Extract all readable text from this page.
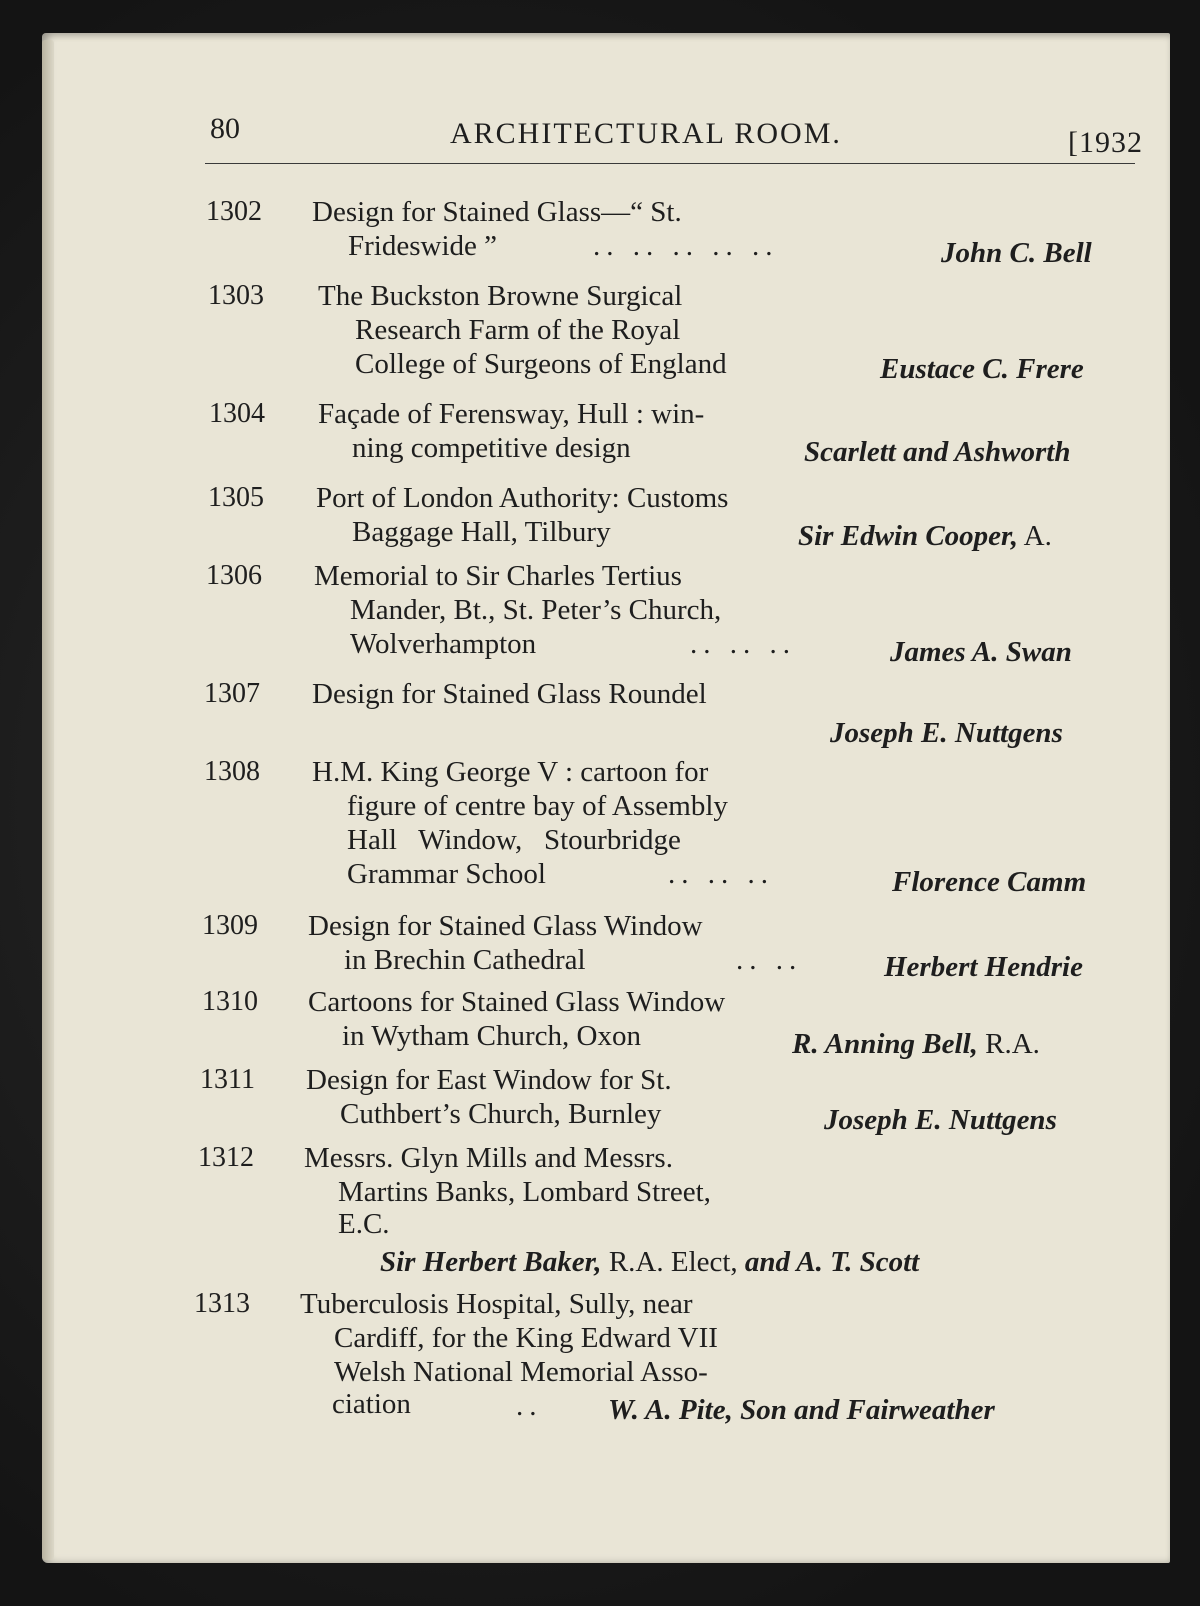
80	ARCHITECTURAL ROOM.	[1932
1302 Design for Stained Glass—“ St.
Frideswide ”	.. .. .. .. ..	John C. Bell
1303 The Buckston Browne Surgical
Research Farm of the Royal
College of Surgeons of England	Eustace C. Frere
1304 Façade of Ferensway, Hull : win-
ning competitive design	Scarlett and Ashworth
1305 Port of London Authority: Customs
Baggage Hall, Tilbury	Sir Edwin Cooper, A.
1306 Memorial to Sir Charles Tertius
Mander, Bt., St. Peter’s Church,
Wolverhampton	.. .. ..	James A. Swan
1307 Design for Stained Glass Roundel
Joseph E. Nuttgens
1308 H.M. King George V : cartoon for
figure of centre bay of Assembly
Hall   Window,   Stourbridge
Grammar School	.. .. ..	Florence Camm
1309 Design for Stained Glass Window
in Brechin Cathedral	.. ..	Herbert Hendrie
1310 Cartoons for Stained Glass Window
in Wytham Church, Oxon	R. Anning Bell, R.A.
1311 Design for East Window for St.
Cuthbert’s Church, Burnley	Joseph E. Nuttgens
1312 Messrs. Glyn Mills and Messrs.
Martins Banks, Lombard Street,
E.C.
Sir Herbert Baker, R.A. Elect, and A. T. Scott
1313 Tuberculosis Hospital, Sully, near
Cardiff, for the King Edward VII
Welsh National Memorial Asso-
ciation	.. W. A. Pite, Son and Fairweather
